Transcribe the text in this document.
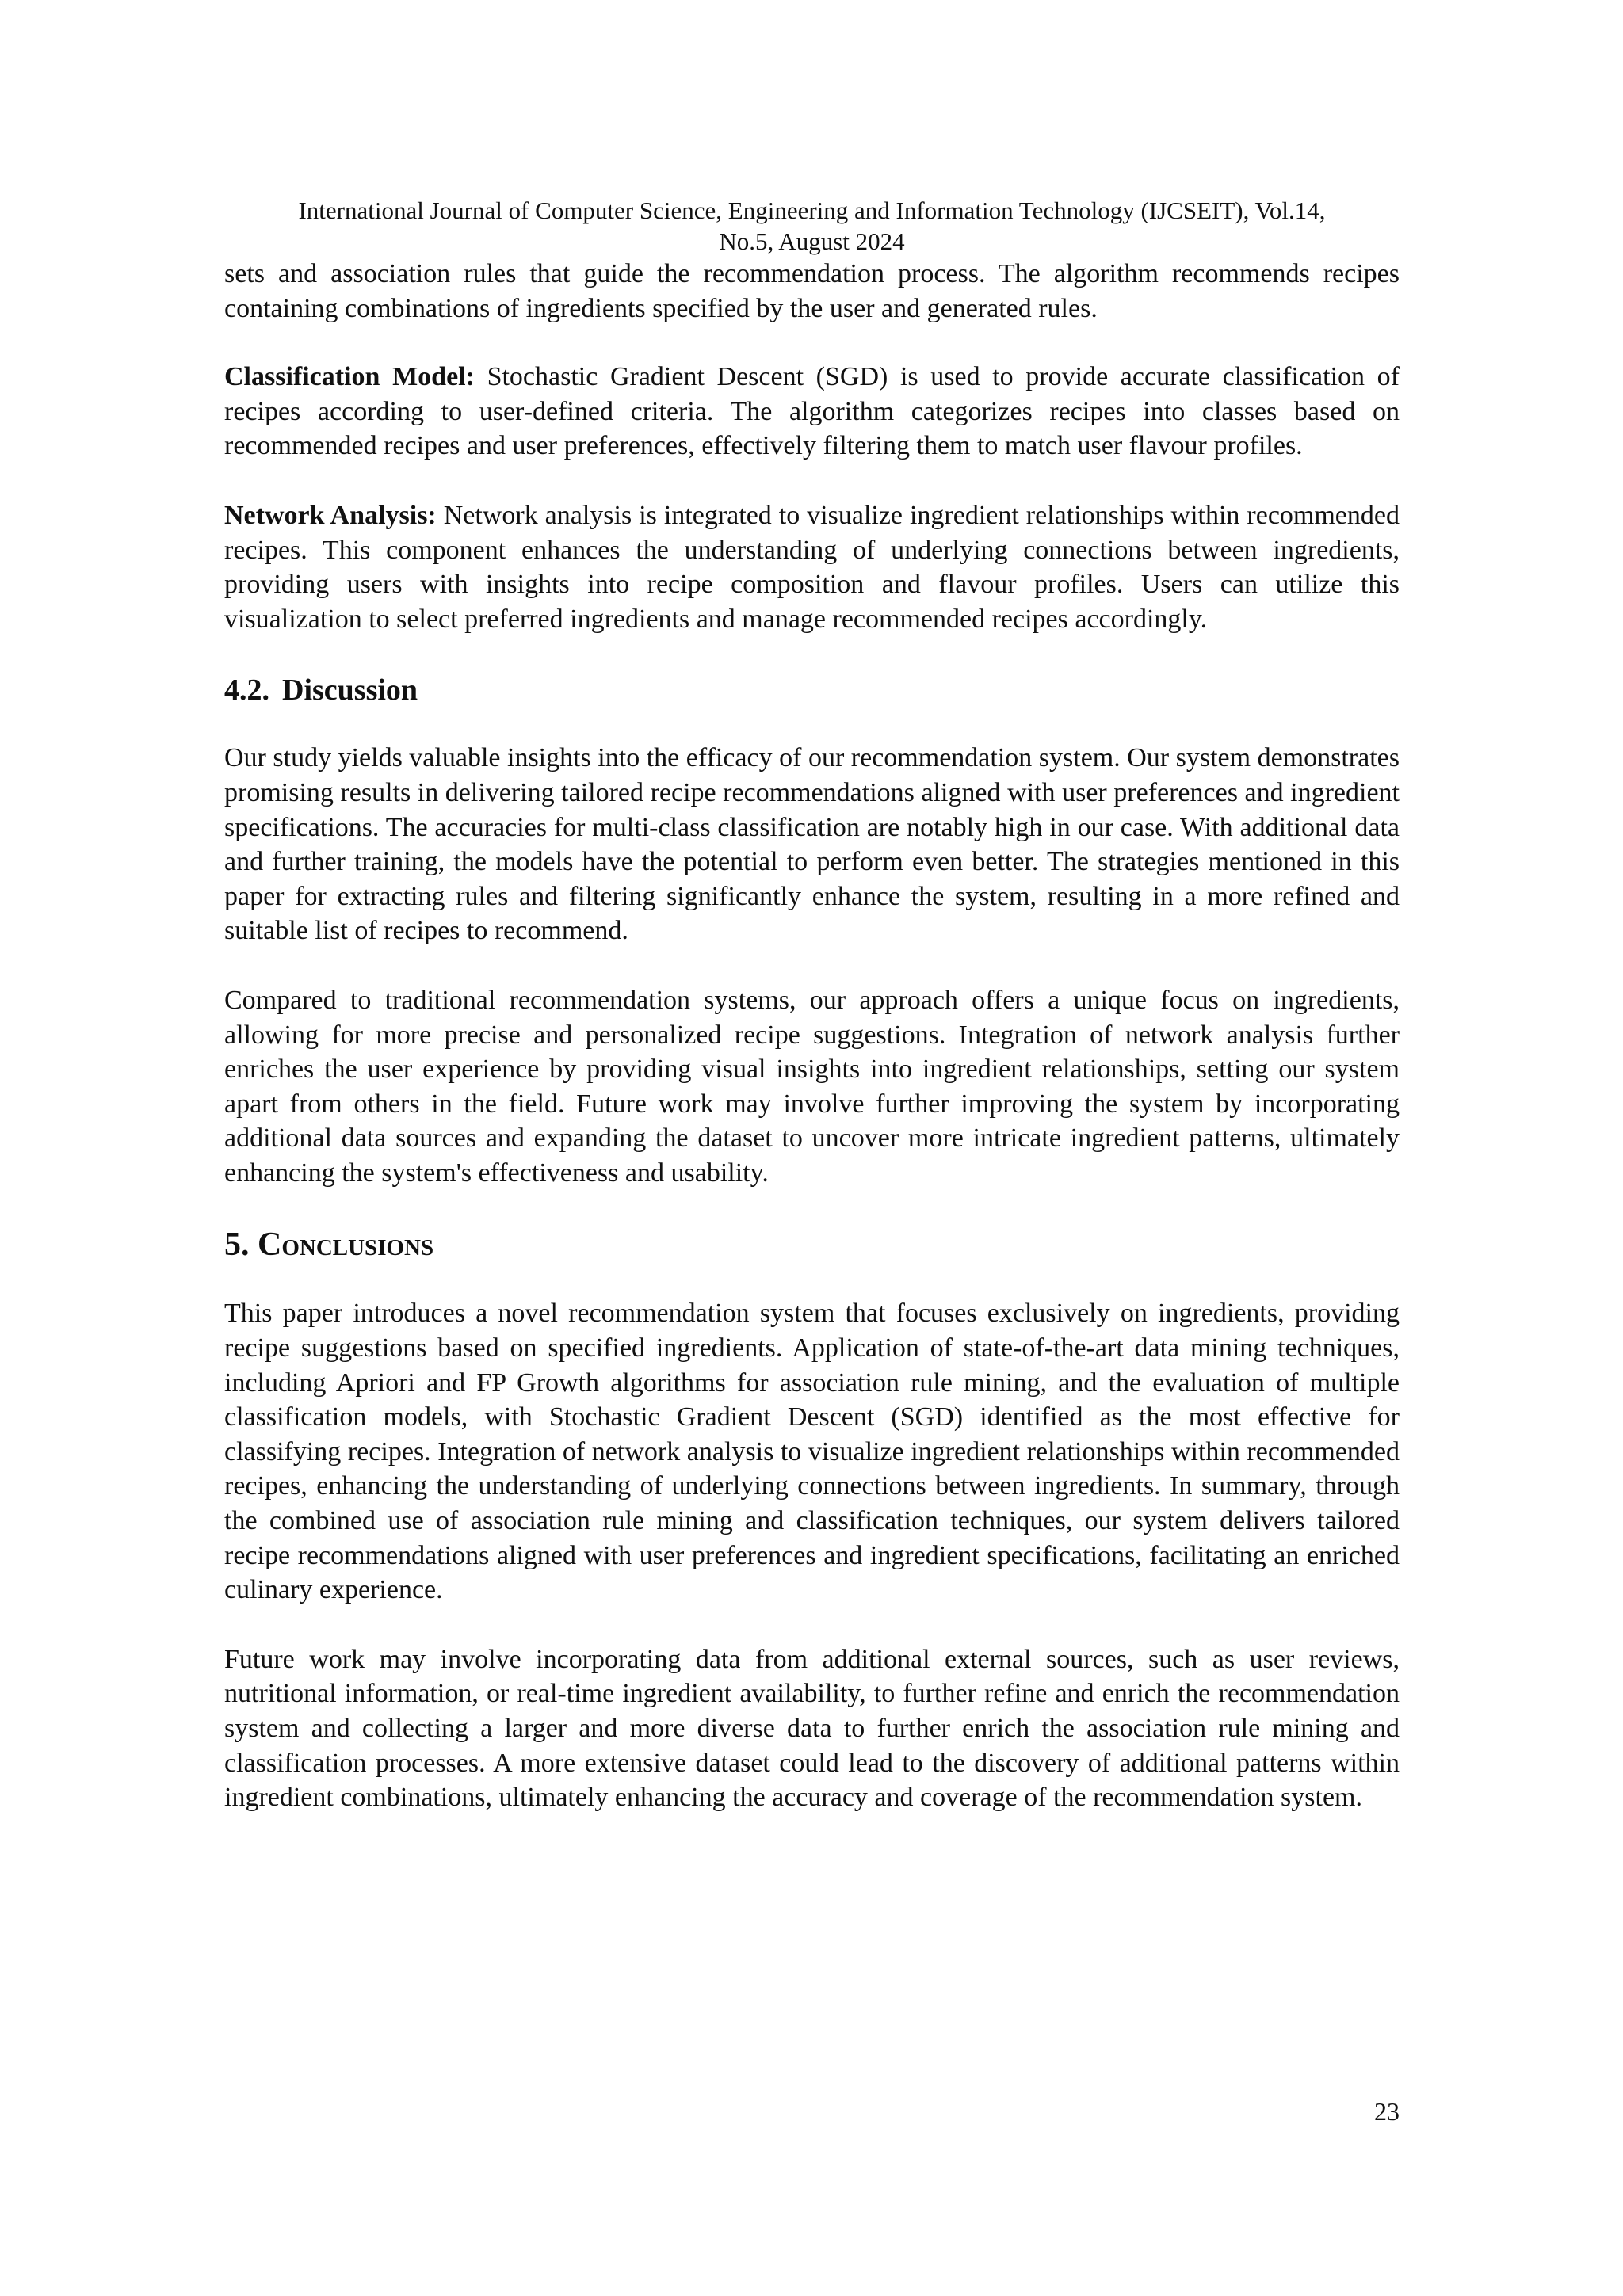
International Journal of Computer Science, Engineering and Information Technology (IJCSEIT), Vol.14,
No.5, August 2024

sets and association rules that guide the recommendation process. The algorithm recommends recipes containing combinations of ingredients specified by the user and generated rules.

Classification Model: Stochastic Gradient Descent (SGD) is used to provide accurate classification of recipes according to user-defined criteria. The algorithm categorizes recipes into classes based on recommended recipes and user preferences, effectively filtering them to match user flavour profiles.

Network Analysis: Network analysis is integrated to visualize ingredient relationships within recommended recipes. This component enhances the understanding of underlying connections between ingredients, providing users with insights into recipe composition and flavour profiles. Users can utilize this visualization to select preferred ingredients and manage recommended recipes accordingly.

4.2. Discussion

Our study yields valuable insights into the efficacy of our recommendation system. Our system demonstrates promising results in delivering tailored recipe recommendations aligned with user preferences and ingredient specifications. The accuracies for multi-class classification are notably high in our case. With additional data and further training, the models have the potential to perform even better. The strategies mentioned in this paper for extracting rules and filtering significantly enhance the system, resulting in a more refined and suitable list of recipes to recommend.

Compared to traditional recommendation systems, our approach offers a unique focus on ingredients, allowing for more precise and personalized recipe suggestions. Integration of network analysis further enriches the user experience by providing visual insights into ingredient relationships, setting our system apart from others in the field. Future work may involve further improving the system by incorporating additional data sources and expanding the dataset to uncover more intricate ingredient patterns, ultimately enhancing the system's effectiveness and usability.

5. Conclusions

This paper introduces a novel recommendation system that focuses exclusively on ingredients, providing recipe suggestions based on specified ingredients. Application of state-of-the-art data mining techniques, including Apriori and FP Growth algorithms for association rule mining, and the evaluation of multiple classification models, with Stochastic Gradient Descent (SGD) identified as the most effective for classifying recipes. Integration of network analysis to visualize ingredient relationships within recommended recipes, enhancing the understanding of underlying connections between ingredients. In summary, through the combined use of association rule mining and classification techniques, our system delivers tailored recipe recommendations aligned with user preferences and ingredient specifications, facilitating an enriched culinary experience.

Future work may involve incorporating data from additional external sources, such as user reviews, nutritional information, or real-time ingredient availability, to further refine and enrich the recommendation system and collecting a larger and more diverse data to further enrich the association rule mining and classification processes. A more extensive dataset could lead to the discovery of additional patterns within ingredient combinations, ultimately enhancing the accuracy and coverage of the recommendation system.

23
